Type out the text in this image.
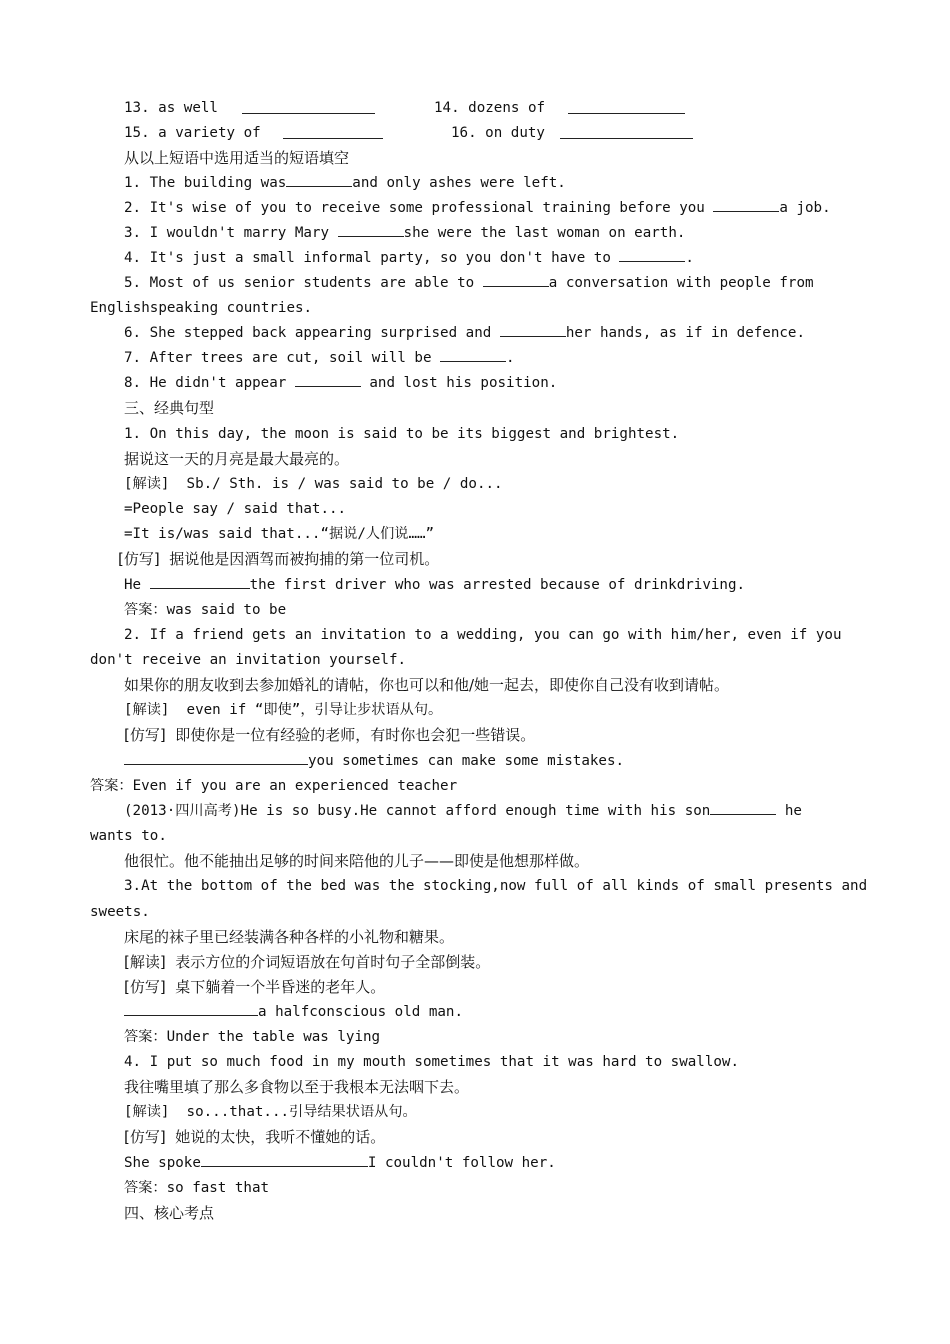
13. as well	14. dozens of
15. a variety of	16. on duty
从以上短语中选用适当的短语填空
1. The building was	and only ashes were left.
2. It's wise of you to receive some professional training before you	a job.
3. I wouldn't marry Mary	she were the last woman on earth.
4. It's just a small informal party, so you don't have to	.
5. Most of us senior students are able to	a conversation with people from
Englishspeaking countries.
6. She stepped back appearing surprised and	her hands, as if in defence.
7. After trees are cut, soil will be	.
8. He didn't appear	and lost his position.
三、经典句型
1. On this day, the moon is said to be its biggest and brightest.
据说这一天的月亮是最大最亮的。
[解读]  Sb./ Sth. is / was said to be / do...
=People say / said that...
=It is/was said that...“据说/人们说……”
[仿写]  据说他是因酒驾而被拘捕的第一位司机。
He	the first driver who was arrested because of drinkdriving.
答案：was said to be
2. If a friend gets an invitation to a wedding, you can go with him/her, even if you
don't receive an invitation yourself.
如果你的朋友收到去参加婚礼的请帖，你也可以和他/她一起去，即使你自己没有收到请帖。
[解读]  even if “即使”，引导让步状语从句。
[仿写]  即使你是一位有经验的老师，有时你也会犯一些错误。
you sometimes can make some mistakes.
答案：Even if you are an experienced teacher
(2013·四川高考)He is so busy.He cannot afford enough time with his son	he
wants to.
他很忙。他不能抽出足够的时间来陪他的儿子——即使是他想那样做。
3.At the bottom of the bed was the stocking,now full of all kinds of small presents and
sweets.
床尾的袜子里已经装满各种各样的小礼物和糖果。
[解读]  表示方位的介词短语放在句首时句子全部倒装。
[仿写]  桌下躺着一个半昏迷的老年人。
a halfconscious old man.
答案：Under the table was lying
4. I put so much food in my mouth sometimes that it was hard to swallow.
我往嘴里填了那么多食物以至于我根本无法咽下去。
[解读]  so...that...引导结果状语从句。
[仿写]  她说的太快，我听不懂她的话。
She spoke	I couldn't follow her.
答案：so fast that
四、核心考点
